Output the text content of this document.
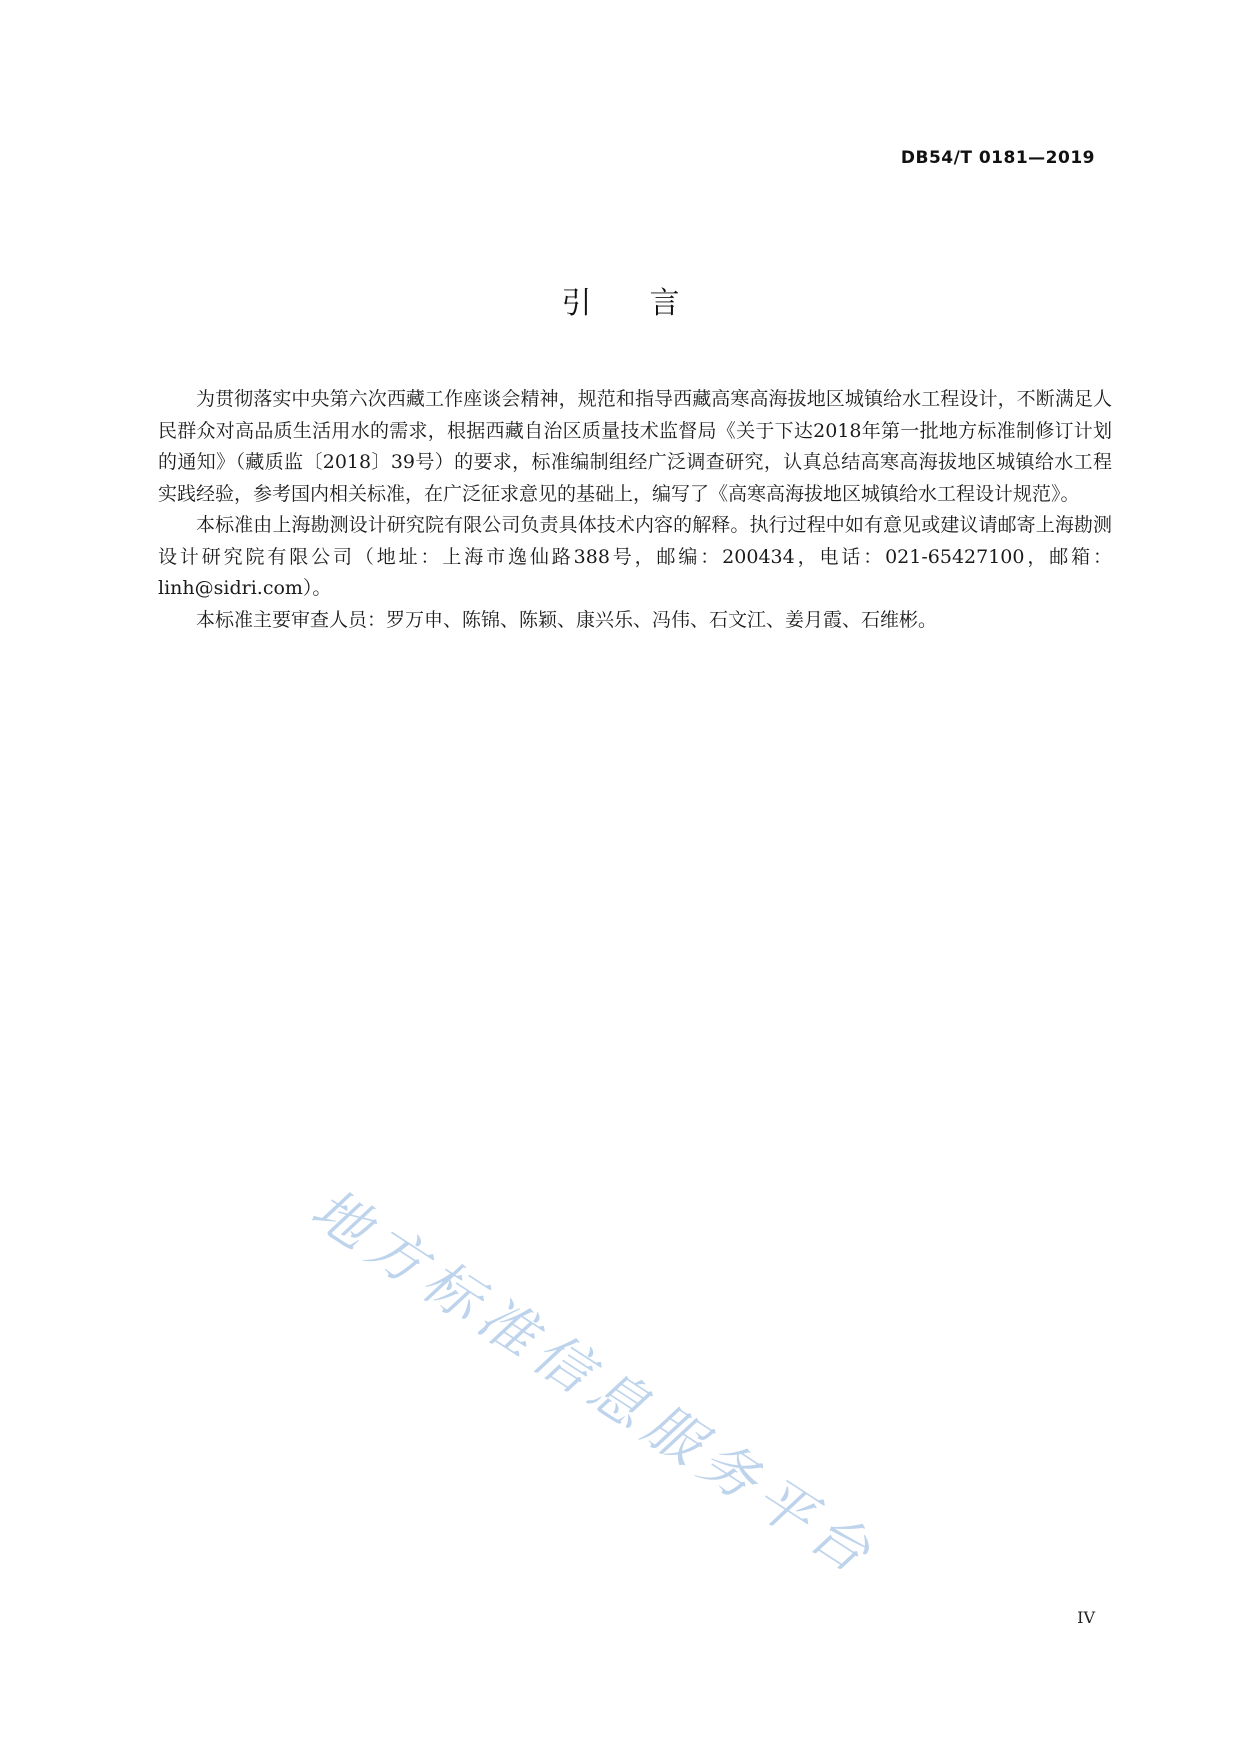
DB54/T 0181—2019
引言

为贯彻落实中央第六次西藏工作座谈会精神，规范和指导西藏高寒高海拔地区城镇给水工程设计，不断满足人民群众对高品质生活用水的需求，根据西藏自治区质量技术监督局《关于下达2018年第一批地方标准制修订计划的通知》（藏质监〔2018〕39号）的要求，标准编制组经广泛调查研究，认真总结高寒高海拔地区城镇给水工程实践经验，参考国内相关标准，在广泛征求意见的基础上，编写了《高寒高海拔地区城镇给水工程设计规范》。

本标准由上海勘测设计研究院有限公司负责具体技术内容的解释。执行过程中如有意见或建议请邮寄上海勘测设计研究院有限公司（地址：上海市逸仙路388号，邮编：200434，电话：021-65427100，邮箱：linh@sidri.com）。

本标准主要审查人员：罗万申、陈锦、陈颖、康兴乐、冯伟、石文江、姜月霞、石维彬。

地方标准信息服务平台
IV
